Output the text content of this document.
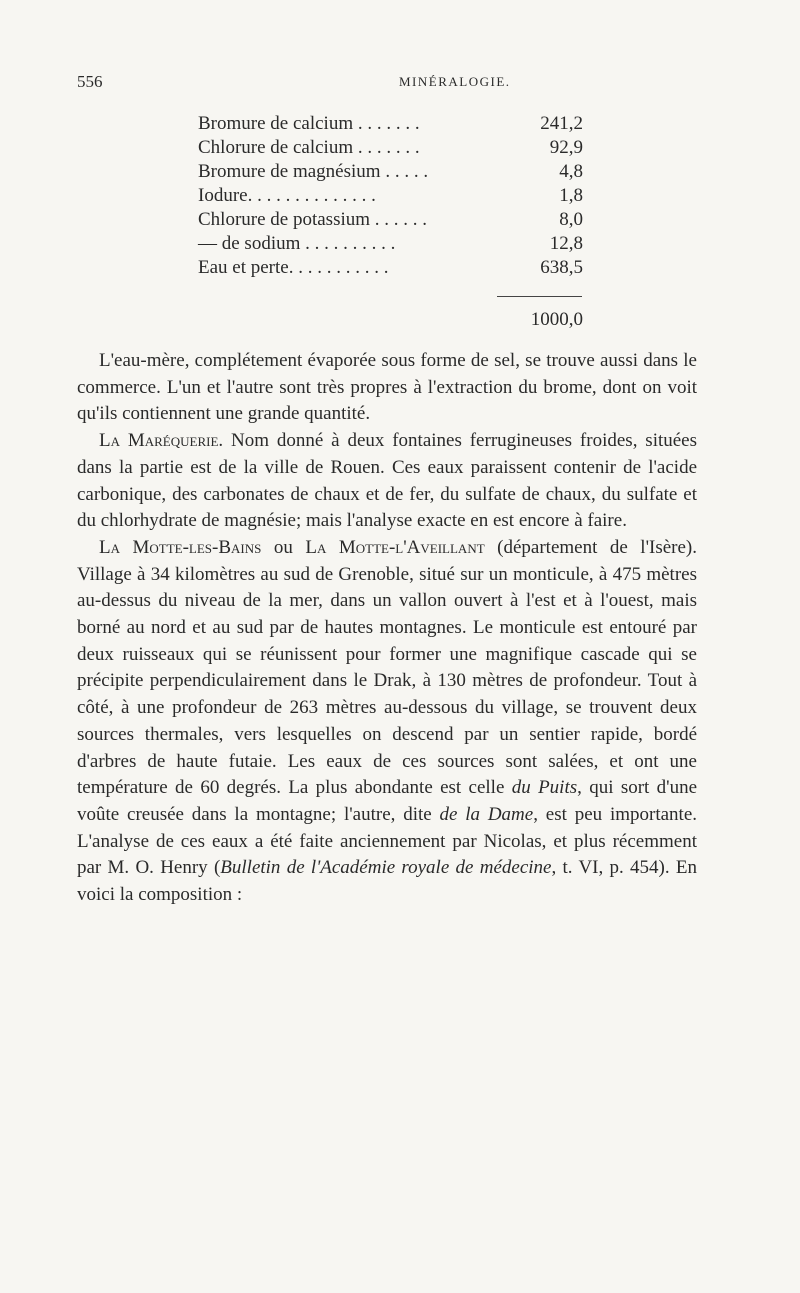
556	MINÉRALOGIE.
Bromure de calcium . . . . . . .	241,2
Chlorure de calcium . . . . . . .	92,9
Bromure de magnésium . . . . .	4,8
Iodure. . . . . . . . . . . . . .	1,8
Chlorure de potassium . . . . . .	8,0
— de sodium . . . . . . . . . .	12,8
Eau et perte. . . . . . . . . . .	638,5
1000,0

L'eau-mère, complétement évaporée sous forme de sel, se trouve aussi dans le commerce. L'un et l'autre sont très propres à l'extraction du brome, dont on voit qu'ils contiennent une grande quantité.

La Maréquerie. Nom donné à deux fontaines ferrugineuses froides, situées dans la partie est de la ville de Rouen. Ces eaux paraissent contenir de l'acide carbonique, des carbonates de chaux et de fer, du sulfate de chaux, du sulfate et du chlorhydrate de magnésie; mais l'analyse exacte en est encore à faire.

La Motte-les-Bains ou La Motte-l'Aveillant (département de l'Isère). Village à 34 kilomètres au sud de Grenoble, situé sur un monticule, à 475 mètres au-dessus du niveau de la mer, dans un vallon ouvert à l'est et à l'ouest, mais borné au nord et au sud par de hautes montagnes. Le monticule est entouré par deux ruisseaux qui se réunissent pour former une magnifique cascade qui se précipite perpendiculairement dans le Drak, à 130 mètres de profondeur. Tout à côté, à une profondeur de 263 mètres au-dessous du village, se trouvent deux sources thermales, vers lesquelles on descend par un sentier rapide, bordé d'arbres de haute futaie. Les eaux de ces sources sont salées, et ont une température de 60 degrés. La plus abondante est celle du Puits, qui sort d'une voûte creusée dans la montagne; l'autre, dite de la Dame, est peu importante. L'analyse de ces eaux a été faite anciennement par Nicolas, et plus récemment par M. O. Henry (Bulletin de l'Académie royale de médecine, t. VI, p. 454). En voici la composition :
